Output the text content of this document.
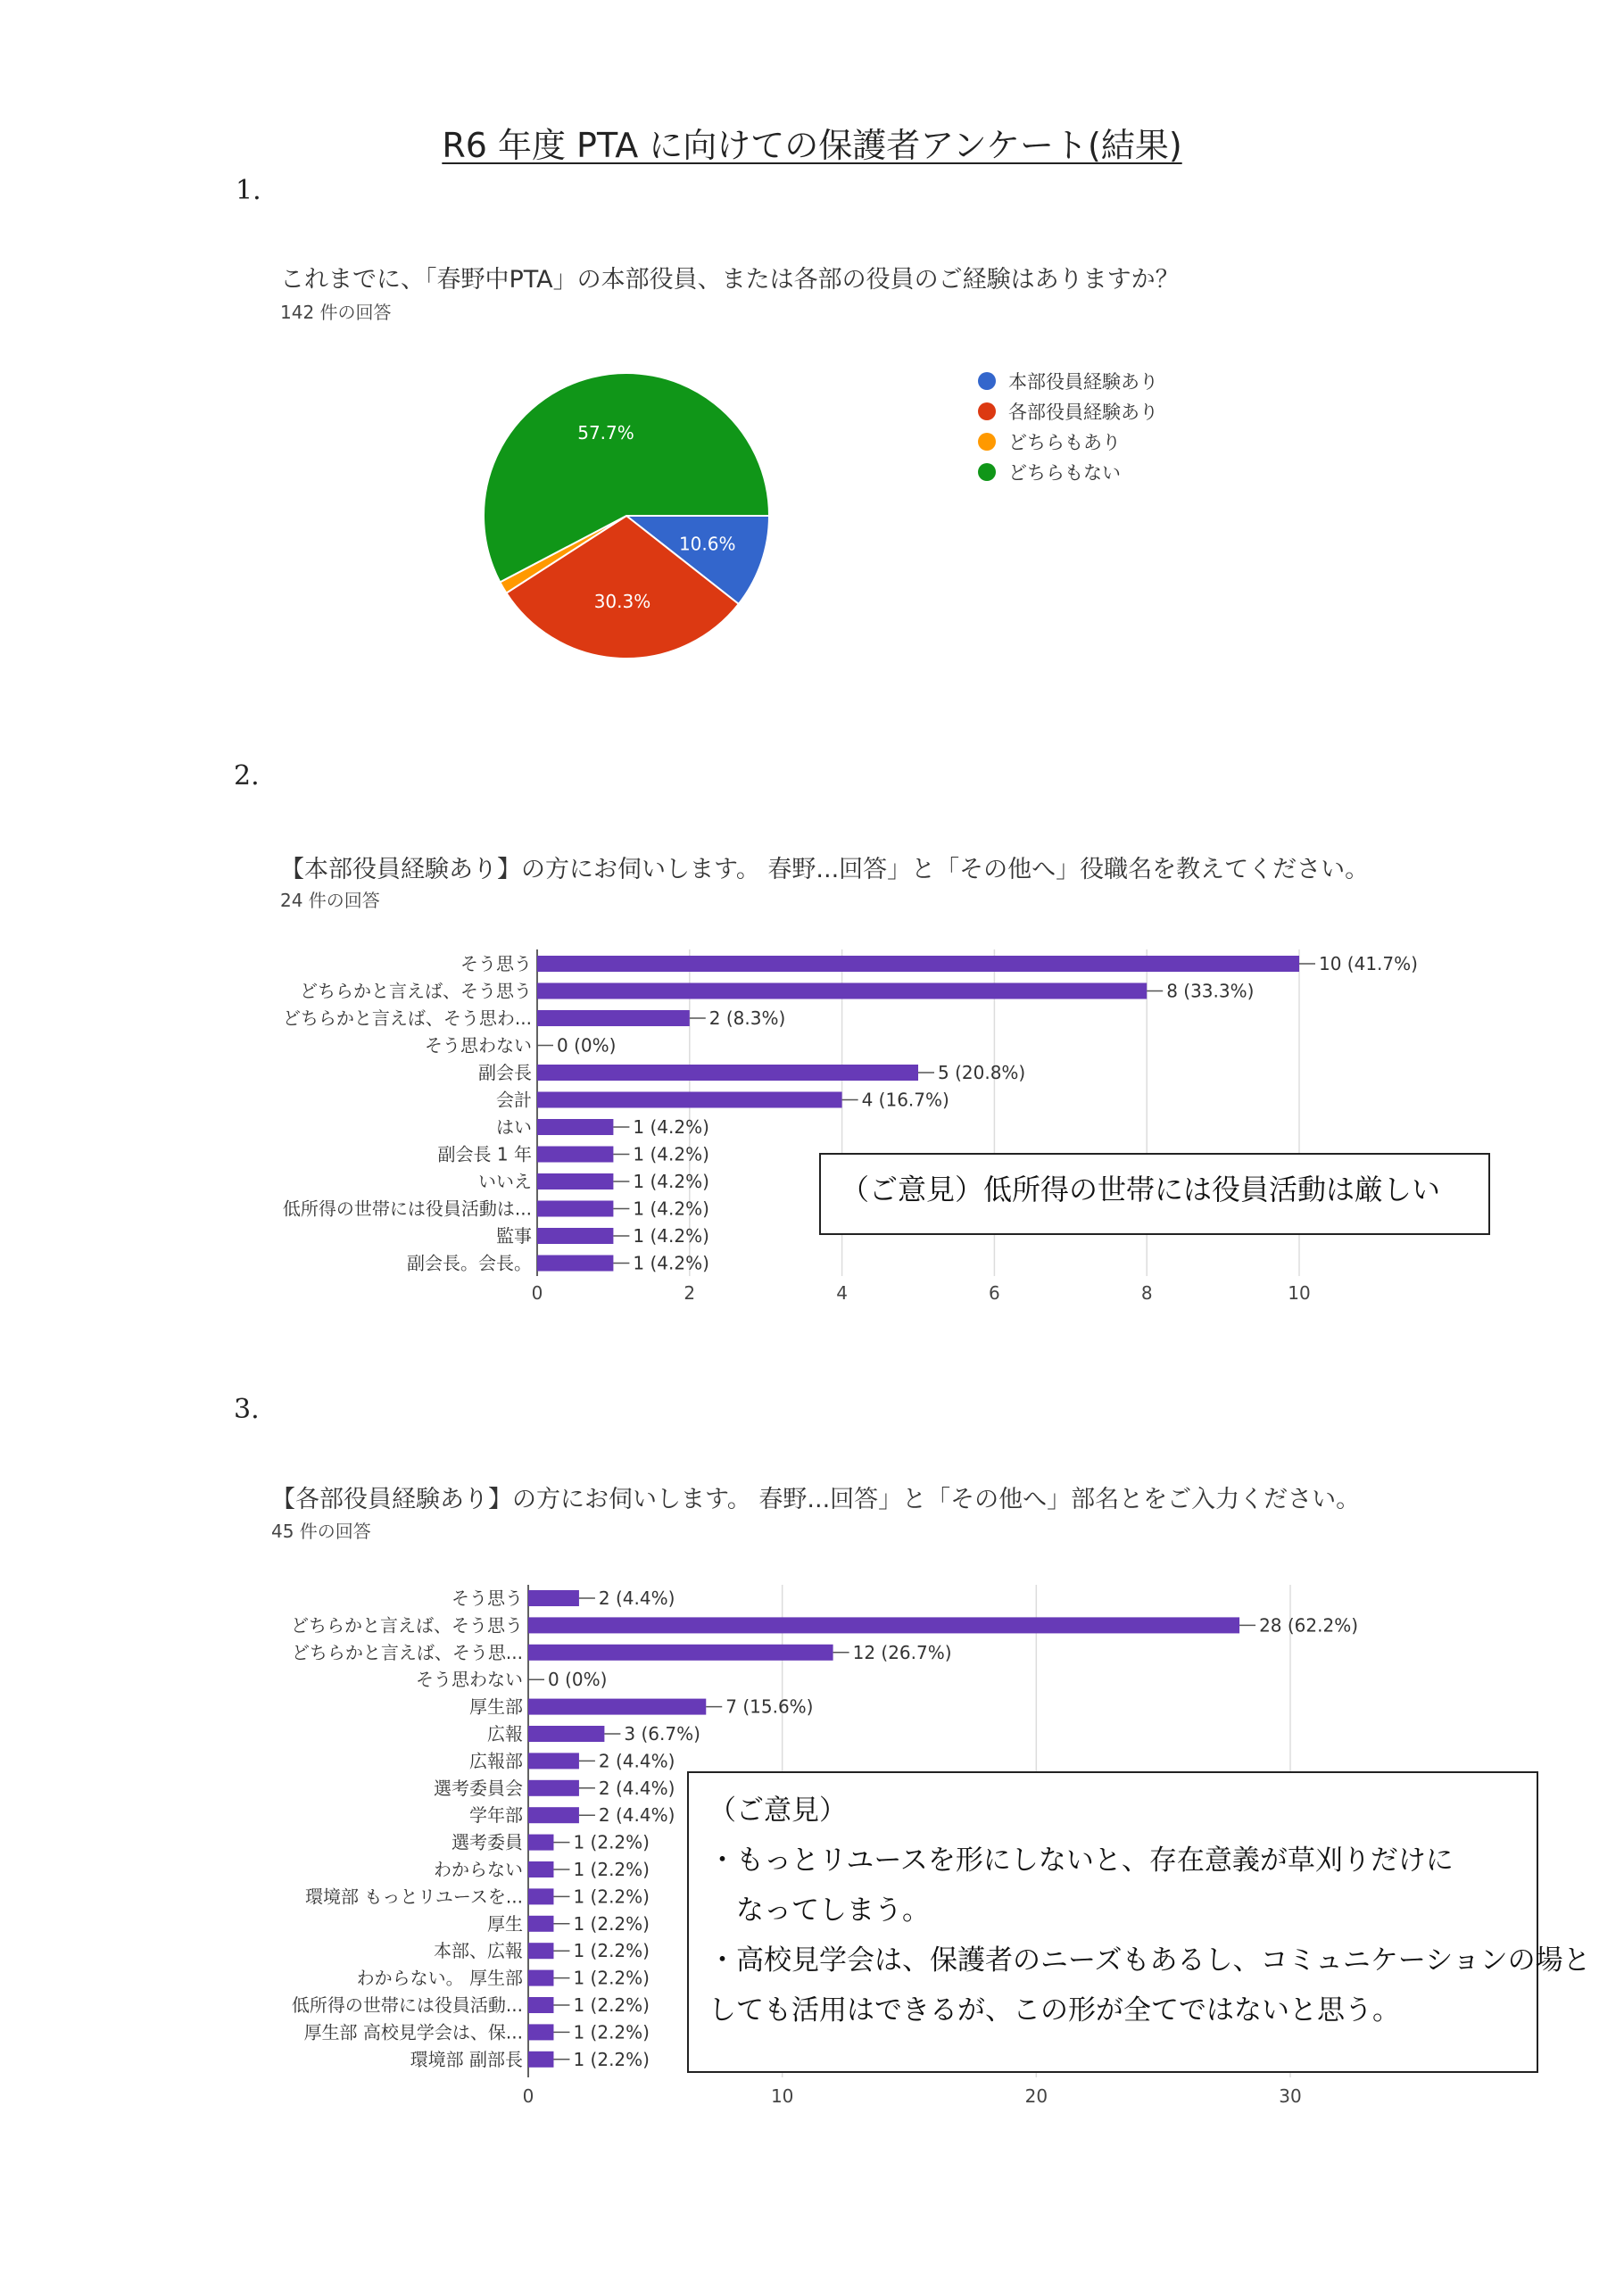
R6 年度 PTA に向けての保護者アンケート(結果)
1.
これまでに、「春野中PTA」の本部役員、または各部の役員のご経験はありますか？
142 件の回答
10.6%
30.3%
57.7%
本部役員経験あり
各部役員経験あり
どちらもあり
どちらもない
2.
【本部役員経験あり】の方にお伺いします。 春野...回答」と「その他へ」役職名を教えてください。
24 件の回答
0	2	4	6	8	10
そう思う	10 (41.7%)
どちらかと言えば、そう思う	8 (33.3%)
どちらかと言えば、そう思わ...	2 (8.3%)
そう思わない 0 (0%)
副会長	5 (20.8%)
会計	4 (16.7%)
はい	1 (4.2%)
副会長 1 年	1 (4.2%)
いいえ	1 (4.2%)
低所得の世帯には役員活動は...	1 (4.2%)
監事	1 (4.2%)
副会長。会長。	1 (4.2%)
（ご意見）低所得の世帯には役員活動は厳しい
3.
【各部役員経験あり】の方にお伺いします。 春野...回答」と「その他へ」部名とをご入力ください。
45 件の回答
0	10	20	30
そう思う	2 (4.4%)
どちらかと言えば、そう思う	28 (62.2%)
どちらかと言えば、そう思...	12 (26.7%)
そう思わない 0 (0%)
厚生部	7 (15.6%)
広報	3 (6.7%)
広報部	2 (4.4%)
選考委員会	2 (4.4%)
学年部	2 (4.4%)
選考委員	1 (2.2%)
わからない	1 (2.2%)
環境部 もっとリユースを...	1 (2.2%)
厚生	1 (2.2%)
本部、広報	1 (2.2%)
わからない。 厚生部	1 (2.2%)
低所得の世帯には役員活動...	1 (2.2%)
厚生部 高校見学会は、保...	1 (2.2%)
環境部 副部長	1 (2.2%)

（ご意見）

・もっとリユースを形にしないと、存在意義が草刈りだけに

　なってしまう。

・高校見学会は、保護者のニーズもあるし、コミュニケーションの場と

しても活用はできるが、この形が全てではないと思う。
